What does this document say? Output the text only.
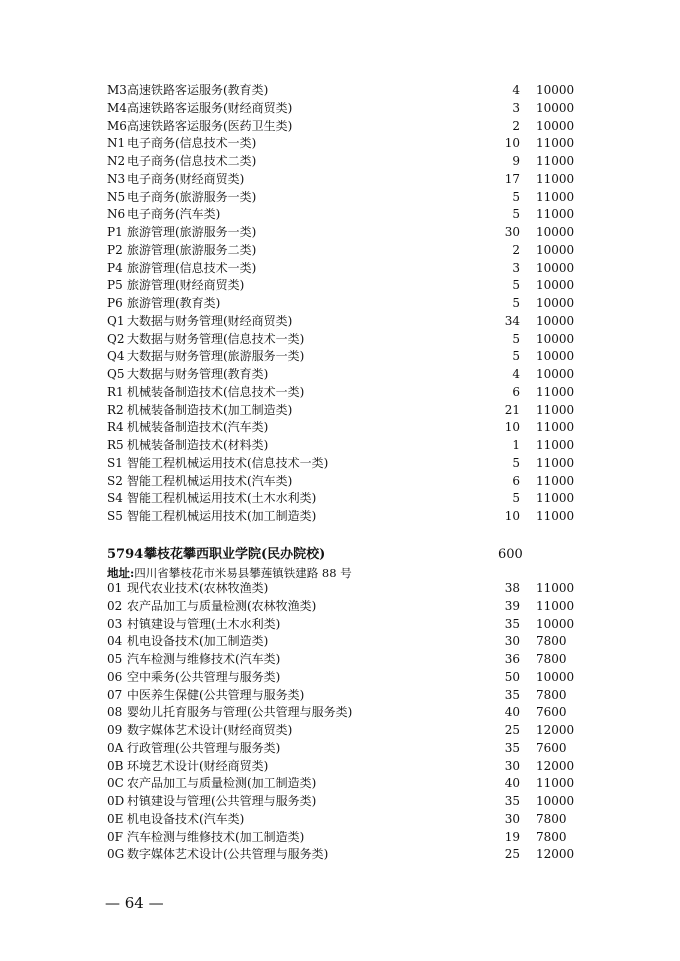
M3 高速铁路客运服务(教育类)	4 10000
M4 高速铁路客运服务(财经商贸类)	3 10000
M6 高速铁路客运服务(医药卫生类)	2 10000
N1 电子商务(信息技术一类)	10 11000
N2 电子商务(信息技术二类)	9 11000
N3 电子商务(财经商贸类)	17 11000
N5 电子商务(旅游服务一类)	5 11000
N6 电子商务(汽车类)	5 11000
P1 旅游管理(旅游服务一类)	30 10000
P2 旅游管理(旅游服务二类)	2 10000
P4 旅游管理(信息技术一类)	3 10000
P5 旅游管理(财经商贸类)	5 10000
P6 旅游管理(教育类)	5 10000
Q1 大数据与财务管理(财经商贸类)	34 10000
Q2 大数据与财务管理(信息技术一类)	5 10000
Q4 大数据与财务管理(旅游服务一类)	5 10000
Q5 大数据与财务管理(教育类)	4 10000
R1 机械装备制造技术(信息技术一类)	6 11000
R2 机械装备制造技术(加工制造类)	21 11000
R4 机械装备制造技术(汽车类)	10 11000
R5 机械装备制造技术(材料类)	1 11000
S1 智能工程机械运用技术(信息技术一类)	5 11000
S2 智能工程机械运用技术(汽车类)	6 11000
S4 智能工程机械运用技术(土木水利类)	5 11000
S5 智能工程机械运用技术(加工制造类)	10 11000
5794 攀枝花攀西职业学院(民办院校)	600
地址:四川省攀枝花市米易县攀莲镇铁建路 88 号
01 现代农业技术(农林牧渔类)	38 11000
02 农产品加工与质量检测(农林牧渔类)	39 11000
03 村镇建设与管理(土木水利类)	35 10000
04 机电设备技术(加工制造类)	30 7800
05 汽车检测与维修技术(汽车类)	36 7800
06 空中乘务(公共管理与服务类)	50 10000
07 中医养生保健(公共管理与服务类)	35 7800
08 婴幼儿托育服务与管理(公共管理与服务类)	40 7600
09 数字媒体艺术设计(财经商贸类)	25 12000
0A 行政管理(公共管理与服务类)	35 7600
0B 环境艺术设计(财经商贸类)	30 12000
0C 农产品加工与质量检测(加工制造类)	40 11000
0D 村镇建设与管理(公共管理与服务类)	35 10000
0E 机电设备技术(汽车类)	30 7800
0F 汽车检测与维修技术(加工制造类)	19 7800
0G 数字媒体艺术设计(公共管理与服务类)	25 12000
— 64 —
